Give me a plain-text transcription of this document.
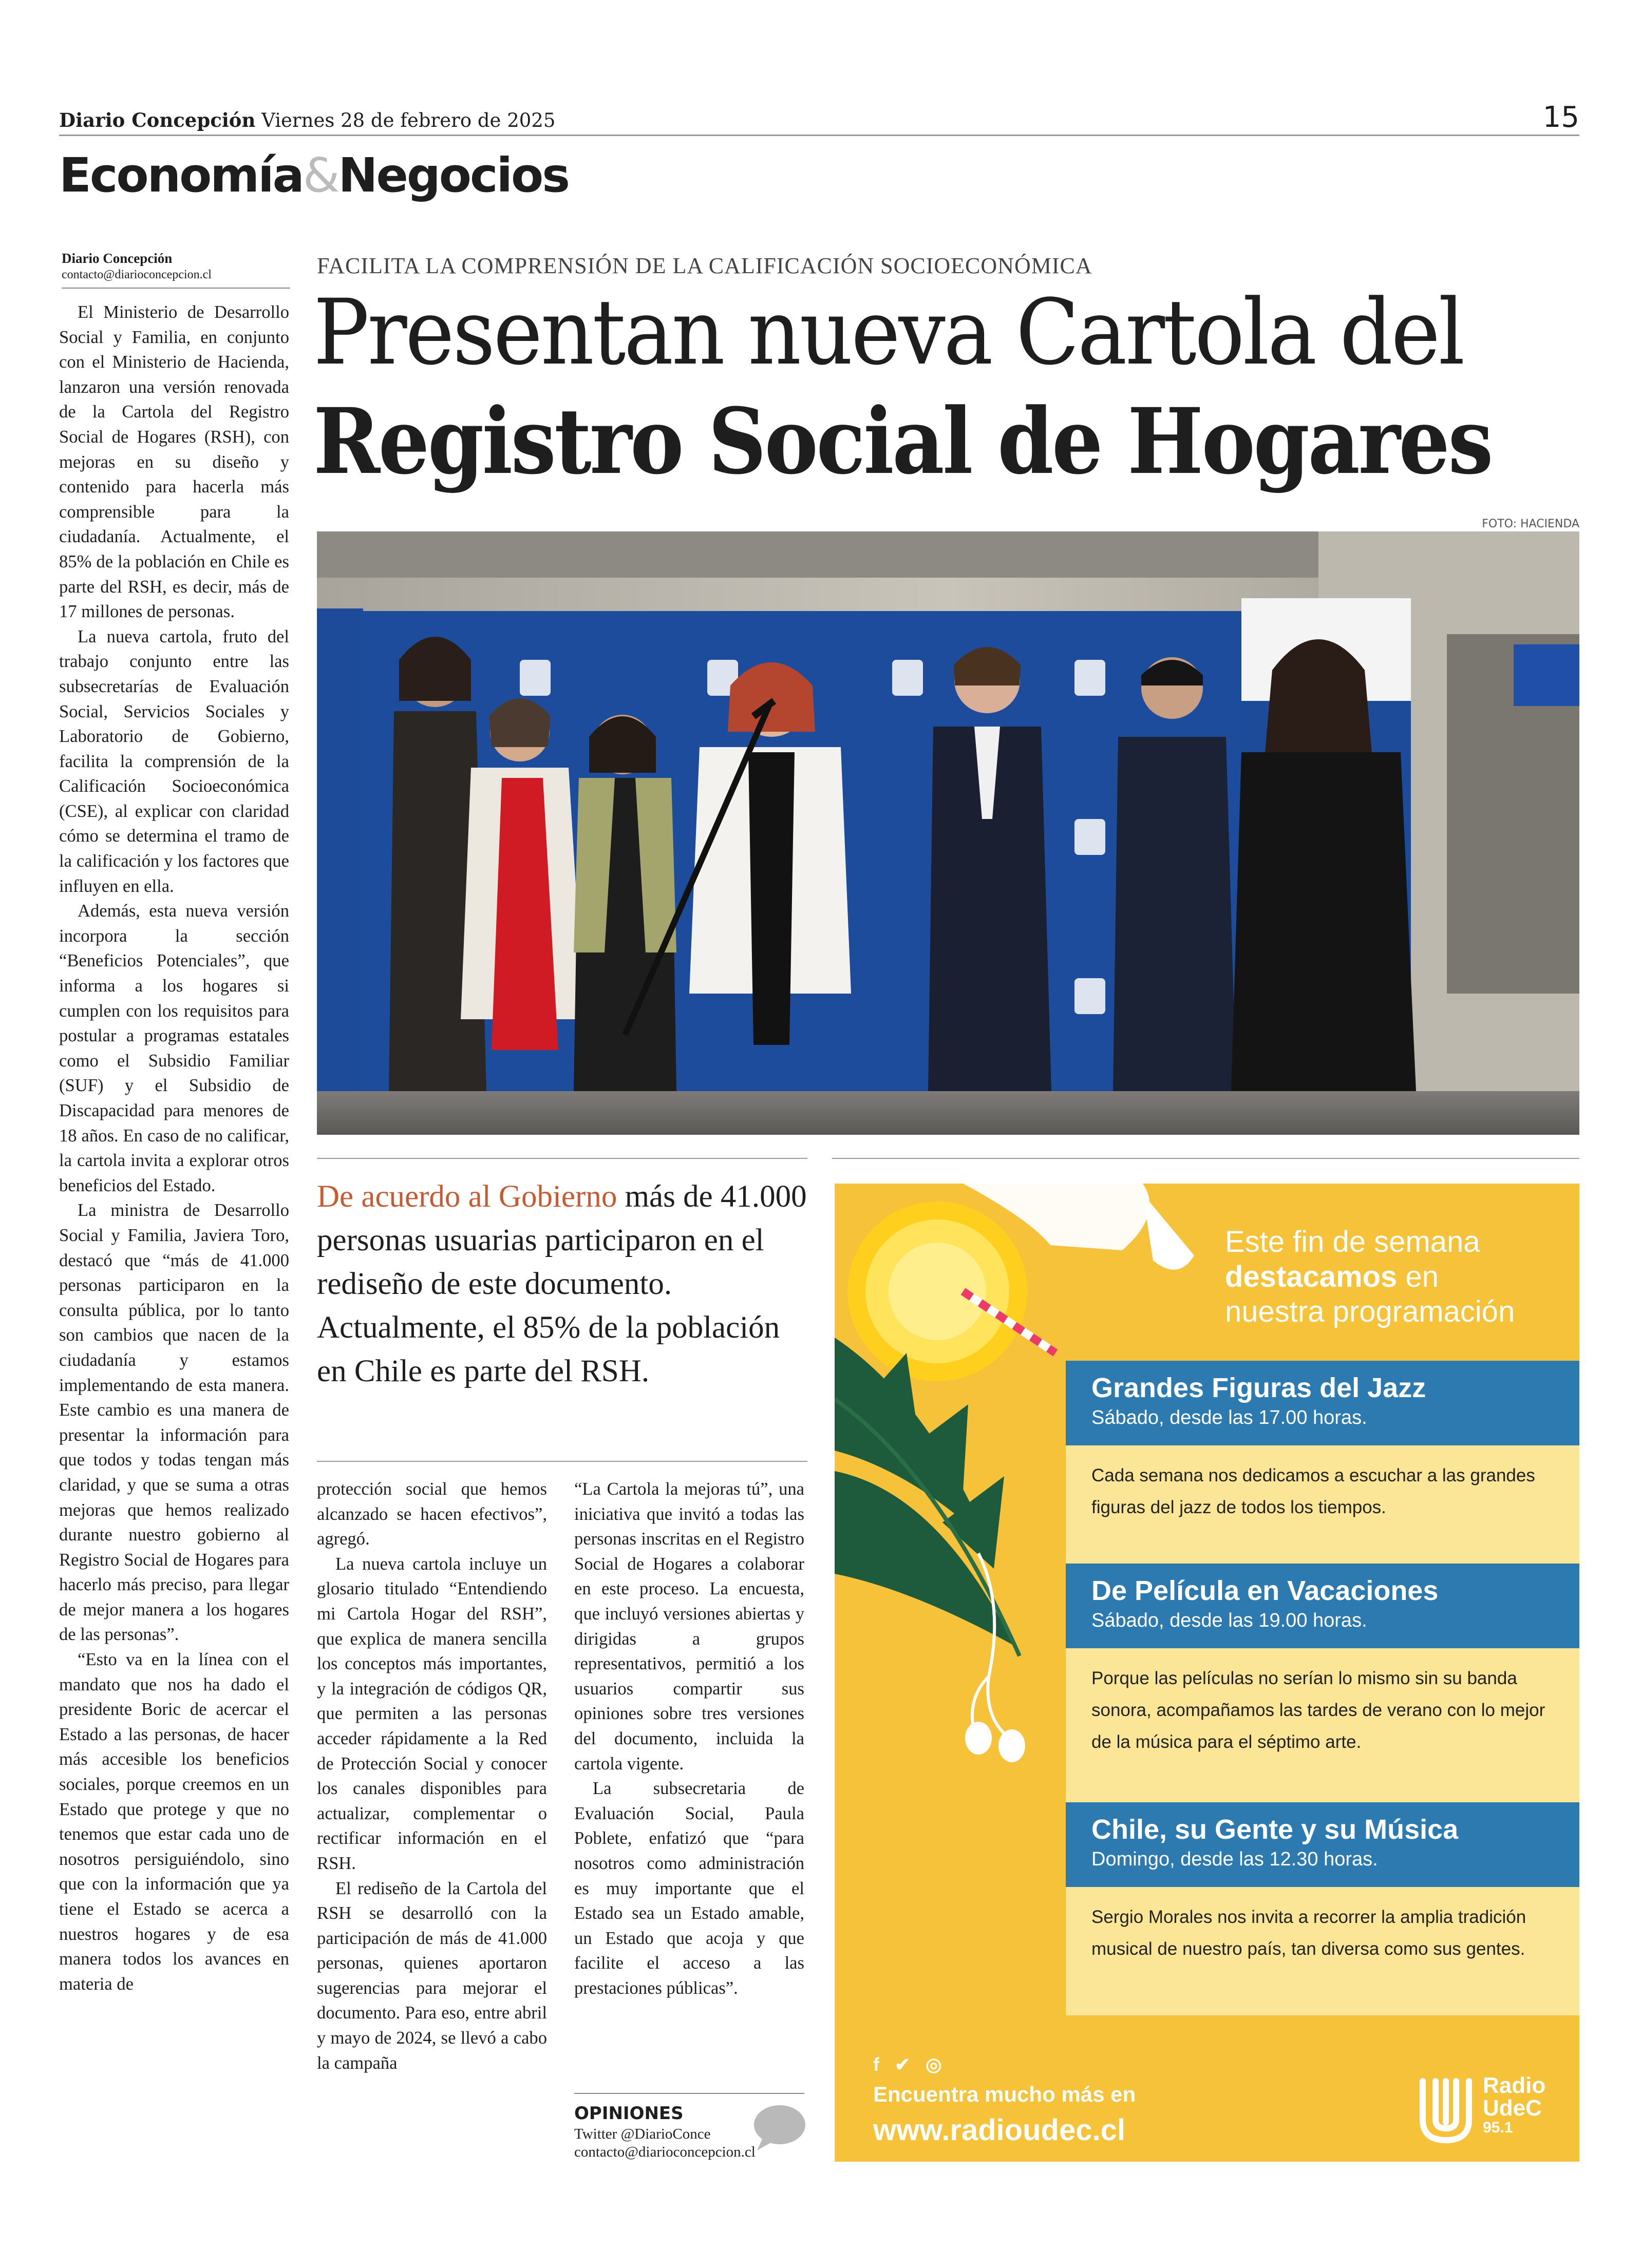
Diario Concepción Viernes 28 de febrero de 2025	15
Economía&Negocios
Diario Concepción
contacto@diarioconcepcion.cl

El Ministerio de Desarrollo Social y Familia, en conjunto con el Ministerio de Hacienda, lanzaron una versión renovada de la Cartola del Registro Social de Hogares (RSH), con mejoras en su diseño y contenido para hacerla más comprensible para la ciudadanía. Actualmente, el 85% de la población en Chile es parte del RSH, es decir, más de 17 millones de personas.

La nueva cartola, fruto del trabajo conjunto entre las subsecretarías de Evaluación Social, Servicios Sociales y Laboratorio de Gobierno, facilita la comprensión de la Calificación Socioeconómica (CSE), al explicar con claridad cómo se determina el tramo de la calificación y los factores que influyen en ella.

Además, esta nueva versión incorpora la sección “Beneficios Potenciales”, que informa a los hogares si cumplen con los requisitos para postular a programas estatales como el Subsidio Familiar (SUF) y el Subsidio de Discapacidad para menores de 18 años. En caso de no calificar, la cartola invita a explorar otros beneficios del Estado.

La ministra de Desarrollo Social y Familia, Javiera Toro, destacó que “más de 41.000 personas participaron en la consulta pública, por lo tanto son cambios que nacen de la ciudadanía y estamos implementando de esta manera. Este cambio es una manera de presentar la información para que todos y todas tengan más claridad, y que se suma a otras mejoras que hemos realizado durante nuestro gobierno al Registro Social de Hogares para hacerlo más preciso, para llegar de mejor manera a los hogares de las personas”.

“Esto va en la línea con el mandato que nos ha dado el presidente Boric de acercar el Estado a las personas, de hacer más accesible los beneficios sociales, porque creemos en un Estado que protege y que no tenemos que estar cada uno de nosotros persiguiéndolo, sino que con la información que ya tiene el Estado se acerca a nuestros hogares y de esa manera todos los avances en materia de

FACILITA LA COMPRENSIÓN DE LA CALIFICACIÓN SOCIOECONÓMICA
Presentan nueva Cartola del
Registro Social de Hogares
FOTO: HACIENDA
De acuerdo al Gobierno más de 41.000 personas usuarias participaron en el rediseño de este documento. Actualmente, el 85% de la población en Chile es parte del RSH.

protección social que hemos alcanzado se hacen efectivos”, agregó.

La nueva cartola incluye un glosario titulado “Entendiendo mi Cartola Hogar del RSH”, que explica de manera sencilla los conceptos más importantes, y la integración de códigos QR, que permiten a las personas acceder rápidamente a la Red de Protección Social y conocer los canales disponibles para actualizar, complementar o rectificar información en el RSH.

El rediseño de la Cartola del RSH se desarrolló con la participación de más de 41.000 personas, quienes aportaron sugerencias para mejorar el documento. Para eso, entre abril y mayo de 2024, se llevó a cabo la campaña

“La Cartola la mejoras tú”, una iniciativa que invitó a todas las personas inscritas en el Registro Social de Hogares a colaborar en este proceso. La encuesta, que incluyó versiones abiertas y dirigidas a grupos representativos, permitió a los usuarios compartir sus opiniones sobre tres versiones del documento, incluida la cartola vigente.

La subsecretaria de Evaluación Social, Paula Poblete, enfatizó que “para nosotros como administración es muy importante que el Estado sea un Estado amable, un Estado que acoja y que facilite el acceso a las prestaciones públicas”.

OPINIONES
Twitter @DiarioConce
contacto@diarioconcepcion.cl
Este fin de semana
destacamos en
nuestra programación
Grandes Figuras del Jazz
Sábado, desde las 17.00 horas.
Cada semana nos dedicamos a escuchar a las grandes figuras del jazz de todos los tiempos.
De Película en Vacaciones
Sábado, desde las 19.00 horas.
Porque las películas no serían lo mismo sin su banda sonora, acompañamos las tardes de verano con lo mejor de la música para el séptimo arte.
Chile, su Gente y su Música
Domingo, desde las 12.30 horas.
Sergio Morales nos invita a recorrer la amplia tradición musical de nuestro país, tan diversa como sus gentes.
f ✔ ◎
Encuentra mucho más en
www.radioudec.cl
Radio
UdeC
95.1
